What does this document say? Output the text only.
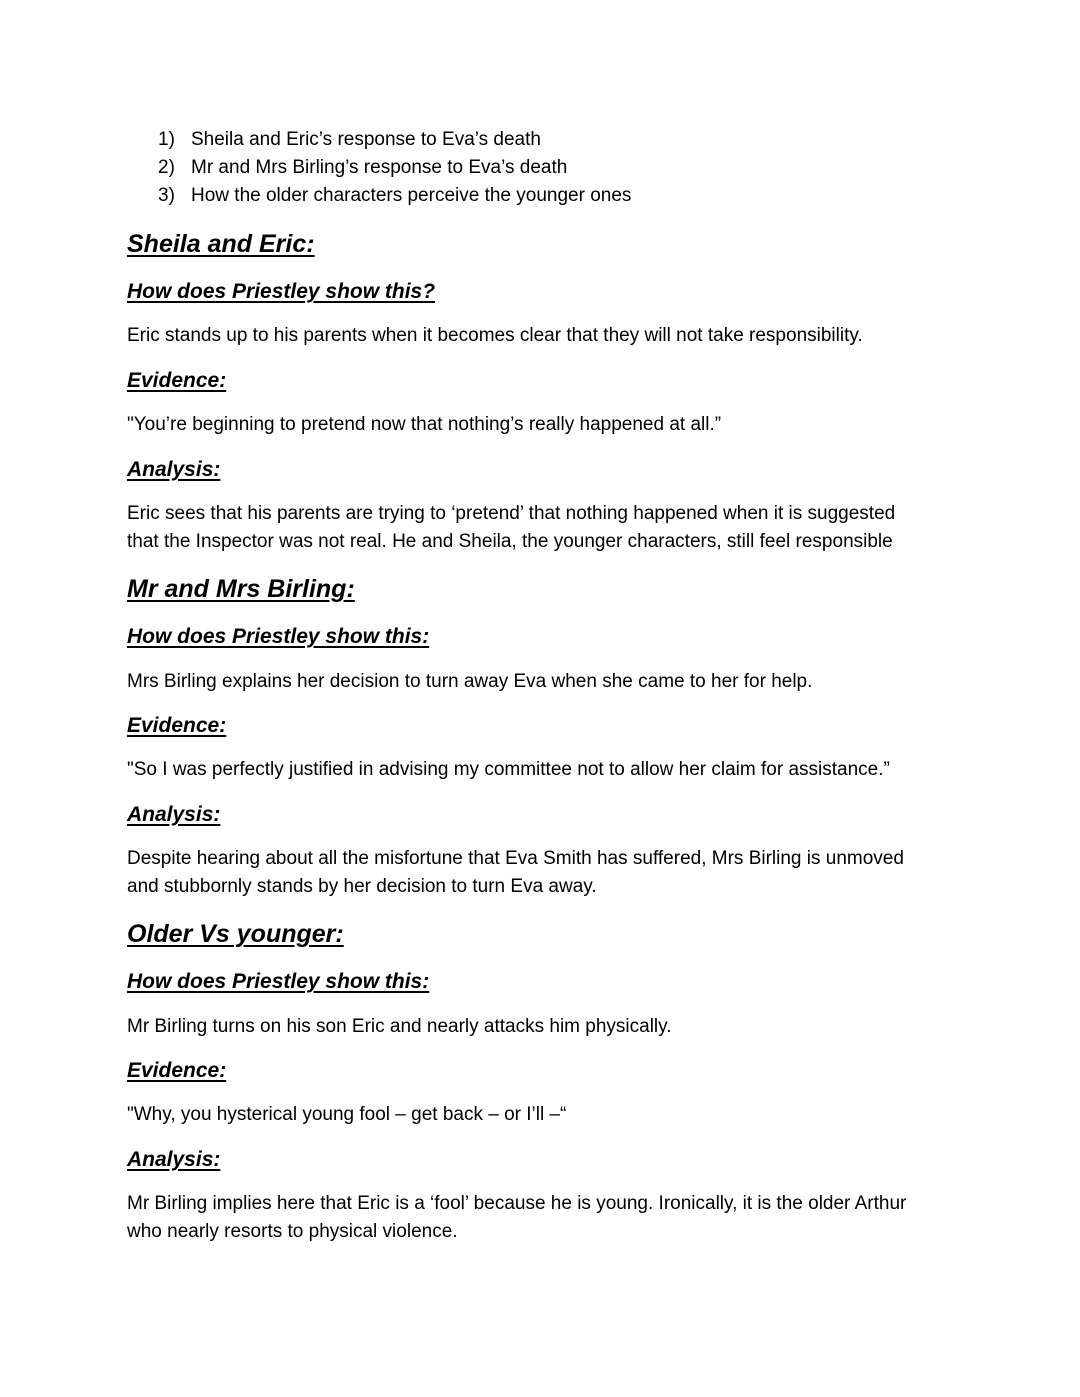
1) Sheila and Eric’s response to Eva’s death
2) Mr and Mrs Birling’s response to Eva’s death
3) How the older characters perceive the younger ones
Sheila and Eric:
How does Priestley show this?

Eric stands up to his parents when it becomes clear that they will not take responsibility.

Evidence:

"You’re beginning to pretend now that nothing’s really happened at all.”

Analysis:

Eric sees that his parents are trying to ‘pretend’ that nothing happened when it is suggested

that the Inspector was not real. He and Sheila, the younger characters, still feel responsible

Mr and Mrs Birling:
How does Priestley show this:

Mrs Birling explains her decision to turn away Eva when she came to her for help.

Evidence:

"So I was perfectly justified in advising my committee not to allow her claim for assistance.”

Analysis:

Despite hearing about all the misfortune that Eva Smith has suffered, Mrs Birling is unmoved

and stubbornly stands by her decision to turn Eva away.

Older Vs younger:
How does Priestley show this:

Mr Birling turns on his son Eric and nearly attacks him physically.

Evidence:

"Why, you hysterical young fool – get back – or I’ll –“

Analysis:

Mr Birling implies here that Eric is a ‘fool’ because he is young. Ironically, it is the older Arthur

who nearly resorts to physical violence.
